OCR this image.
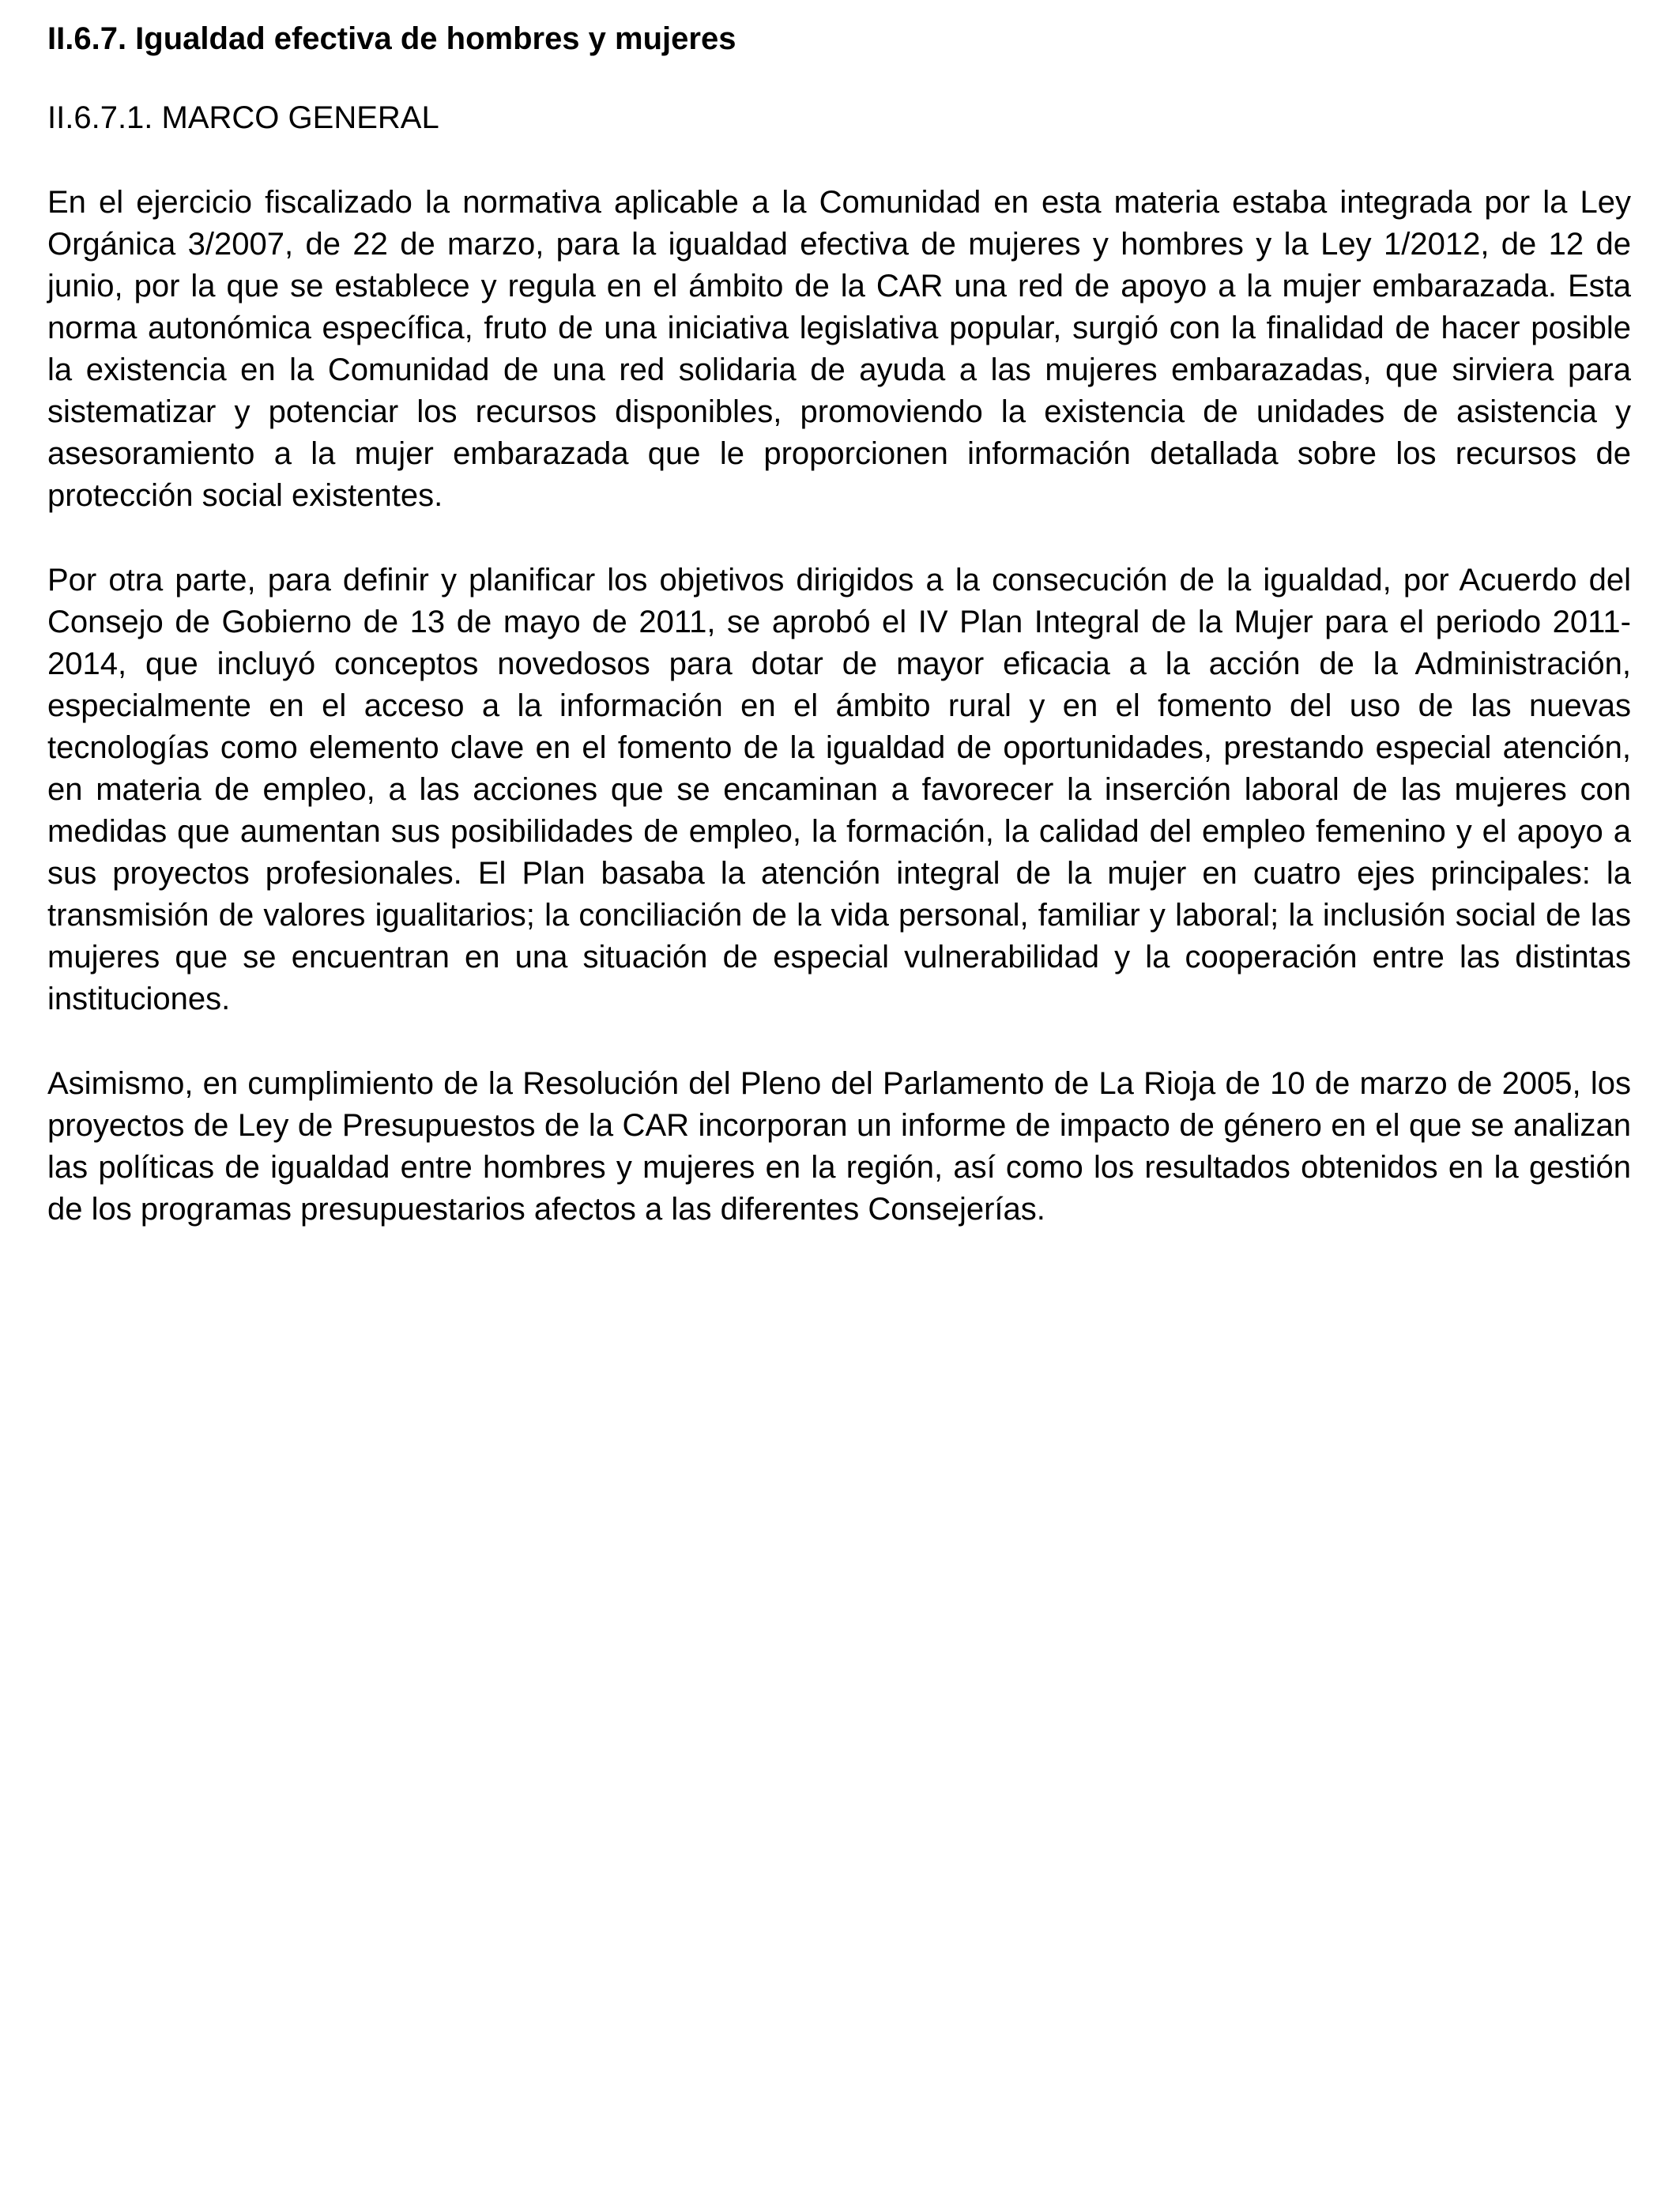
II.6.7. Igualdad efectiva de hombres y mujeres
II.6.7.1. MARCO GENERAL

En el ejercicio fiscalizado la normativa aplicable a la Comunidad en esta materia estaba integrada por la Ley Orgánica 3/2007, de 22 de marzo, para la igualdad efectiva de mujeres y hombres y la Ley 1/2012, de 12 de junio, por la que se establece y regula en el ámbito de la CAR una red de apoyo a la mujer embarazada. Esta norma autonómica específica, fruto de una iniciativa legislativa popular, surgió con la finalidad de hacer posible la existencia en la Comunidad de una red solidaria de ayuda a las mujeres embarazadas, que sirviera para sistematizar y potenciar los recursos disponibles, promoviendo la existencia de unidades de asistencia y asesoramiento a la mujer embarazada que le proporcionen información detallada sobre los recursos de protección social existentes.

Por otra parte, para definir y planificar los objetivos dirigidos a la consecución de la igualdad, por Acuerdo del Consejo de Gobierno de 13 de mayo de 2011, se aprobó el IV Plan Integral de la Mujer para el periodo 2011-2014, que incluyó conceptos novedosos para dotar de mayor eficacia a la acción de la Administración, especialmente en el acceso a la información en el ámbito rural y en el fomento del uso de las nuevas tecnologías como elemento clave en el fomento de la igualdad de oportunidades, prestando especial atención, en materia de empleo, a las acciones que se encaminan a favorecer la inserción laboral de las mujeres con medidas que aumentan sus posibilidades de empleo, la formación, la calidad del empleo femenino y el apoyo a sus proyectos profesionales. El Plan basaba la atención integral de la mujer en cuatro ejes principales: la transmisión de valores igualitarios; la conciliación de la vida personal, familiar y laboral; la inclusión social de las mujeres que se encuentran en una situación de especial vulnerabilidad y la cooperación entre las distintas instituciones.

Asimismo, en cumplimiento de la Resolución del Pleno del Parlamento de La Rioja de 10 de marzo de 2005, los proyectos de Ley de Presupuestos de la CAR incorporan un informe de impacto de género en el que se analizan las políticas de igualdad entre hombres y mujeres en la región, así como los resultados obtenidos en la gestión de los programas presupuestarios afectos a las diferentes Consejerías.
